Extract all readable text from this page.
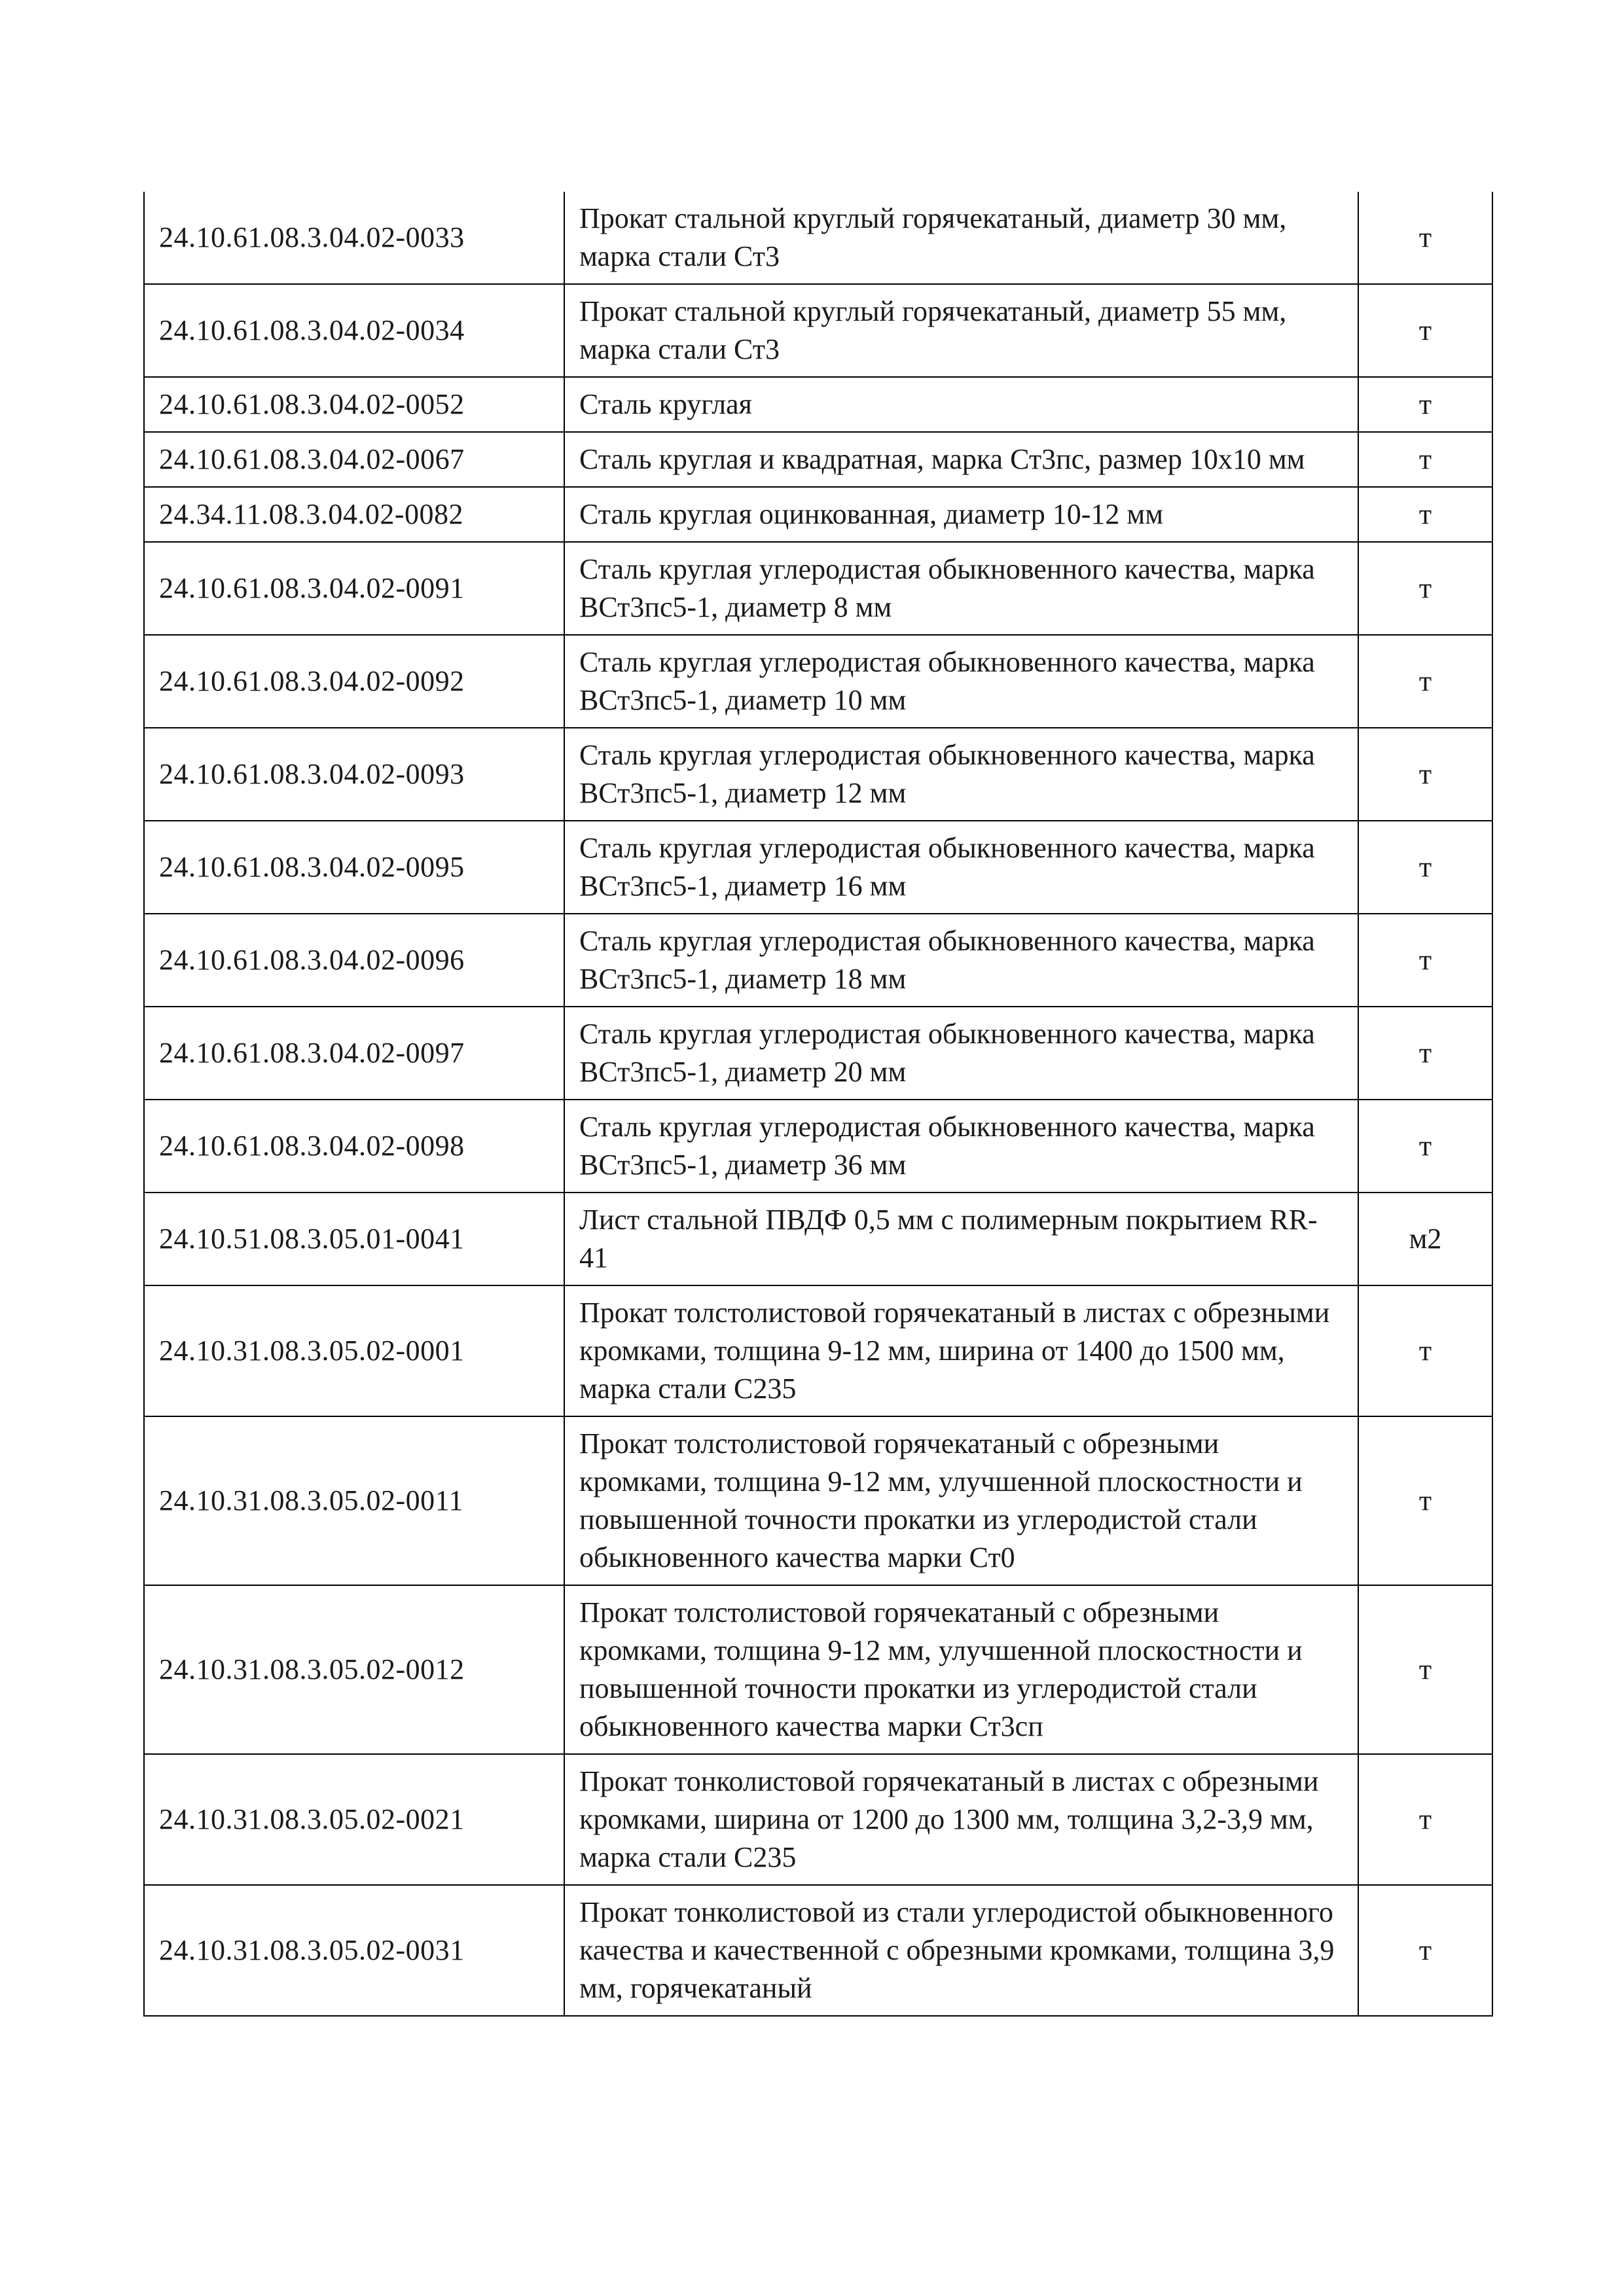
24.10.61.08.3.04.02-0033	Прокат стальной круглый горячекатаный, диаметр 30 мм, марка стали Ст3	т
24.10.61.08.3.04.02-0034	Прокат стальной круглый горячекатаный, диаметр 55 мм, марка стали Ст3	т
24.10.61.08.3.04.02-0052	Сталь круглая	т
24.10.61.08.3.04.02-0067	Сталь круглая и квадратная, марка Ст3пс, размер 10x10 мм	т
24.34.11.08.3.04.02-0082	Сталь круглая оцинкованная, диаметр 10-12 мм	т
24.10.61.08.3.04.02-0091	Сталь круглая углеродистая обыкновенного качества, марка ВСт3пс5-1, диаметр 8 мм	т
24.10.61.08.3.04.02-0092	Сталь круглая углеродистая обыкновенного качества, марка ВСт3пс5-1, диаметр 10 мм	т
24.10.61.08.3.04.02-0093	Сталь круглая углеродистая обыкновенного качества, марка ВСт3пс5-1, диаметр 12 мм	т
24.10.61.08.3.04.02-0095	Сталь круглая углеродистая обыкновенного качества, марка ВСт3пс5-1, диаметр 16 мм	т
24.10.61.08.3.04.02-0096	Сталь круглая углеродистая обыкновенного качества, марка ВСт3пс5-1, диаметр 18 мм	т
24.10.61.08.3.04.02-0097	Сталь круглая углеродистая обыкновенного качества, марка ВСт3пс5-1, диаметр 20 мм	т
24.10.61.08.3.04.02-0098	Сталь круглая углеродистая обыкновенного качества, марка ВСт3пс5-1, диаметр 36 мм	т
24.10.51.08.3.05.01-0041	Лист стальной ПВДФ 0,5 мм с полимерным покрытием RR-41	м2
24.10.31.08.3.05.02-0001	Прокат толстолистовой горячекатаный в листах с обрезными кромками, толщина 9-12 мм, ширина от 1400 до 1500 мм, марка стали С235	т
24.10.31.08.3.05.02-0011	Прокат толстолистовой горячекатаный с обрезными кромками, толщина 9-12 мм, улучшенной плоскостности и повышенной точности прокатки из углеродистой стали обыкновенного качества марки Ст0	т
24.10.31.08.3.05.02-0012	Прокат толстолистовой горячекатаный с обрезными кромками, толщина 9-12 мм, улучшенной плоскостности и повышенной точности прокатки из углеродистой стали обыкновенного качества марки Ст3сп	т
24.10.31.08.3.05.02-0021	Прокат тонколистовой горячекатаный в листах с обрезными кромками, ширина от 1200 до 1300 мм, толщина 3,2-3,9 мм, марка стали С235	т
24.10.31.08.3.05.02-0031	Прокат тонколистовой из стали углеродистой обыкновенного качества и качественной с обрезными кромками, толщина 3,9 мм, горячекатаный	т
